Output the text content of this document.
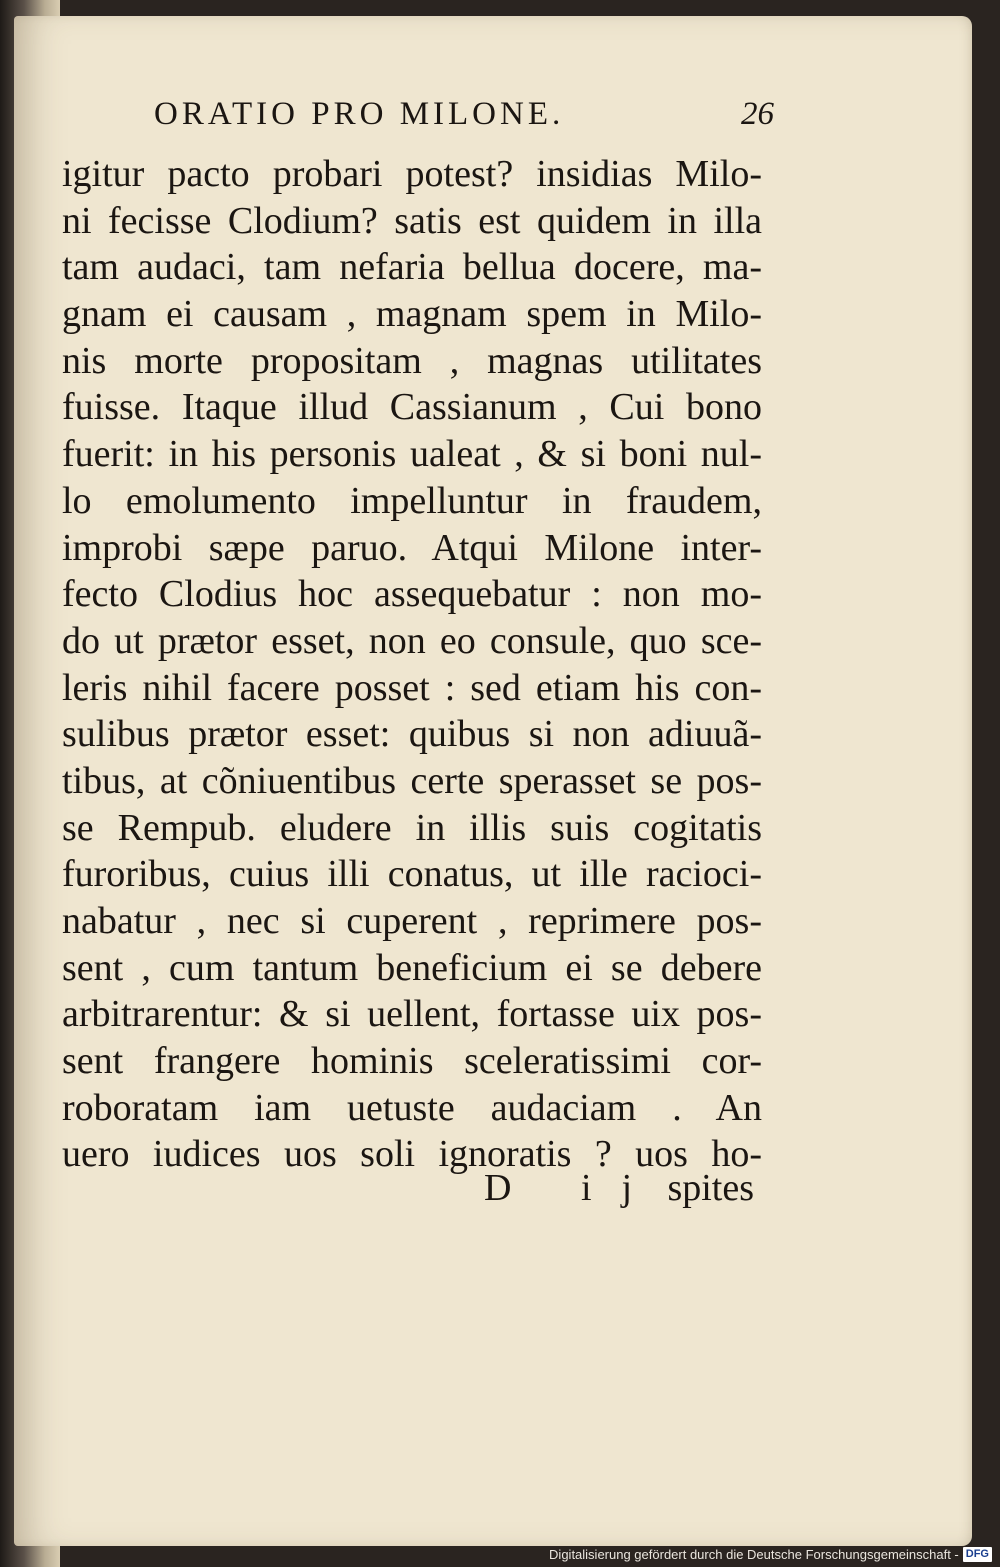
ORATIO PRO MILONE.	26
igitur pacto probari potest? insidias Milo-
ni fecisse Clodium? satis est quidem in illa
tam audaci, tam nefaria bellua docere, ma-
gnam ei causam , magnam spem in Milo-
nis morte propositam , magnas utilitates
fuisse. Itaque illud Cassianum , Cui bono
fuerit: in his personis ualeat , & si boni nul-
lo emolumento impelluntur in fraudem,
improbi sæpe paruo. Atqui Milone inter-
fecto Clodius hoc assequebatur : non mo-
do ut prætor esset, non eo consule, quo sce-
leris nihil facere posset : sed etiam his con-
sulibus prætor esset: quibus si non adiuuã-
tibus, at cõniuentibus certe sperasset se pos-
se Rempub. eludere in illis suis cogitatis
furoribus, cuius illi conatus, ut ille racioci-
nabatur , nec si cuperent , reprimere pos-
sent , cum tantum beneficium ei se debere
arbitrarentur: & si uellent, fortasse uix pos-
sent frangere hominis sceleratissimi cor-
roboratam iam uetuste audaciam . An
uero iudices uos soli ignoratis ? uos ho-
D ij spites
Digitalisierung gefördert durch die Deutsche Forschungsgemeinschaft - DFG
